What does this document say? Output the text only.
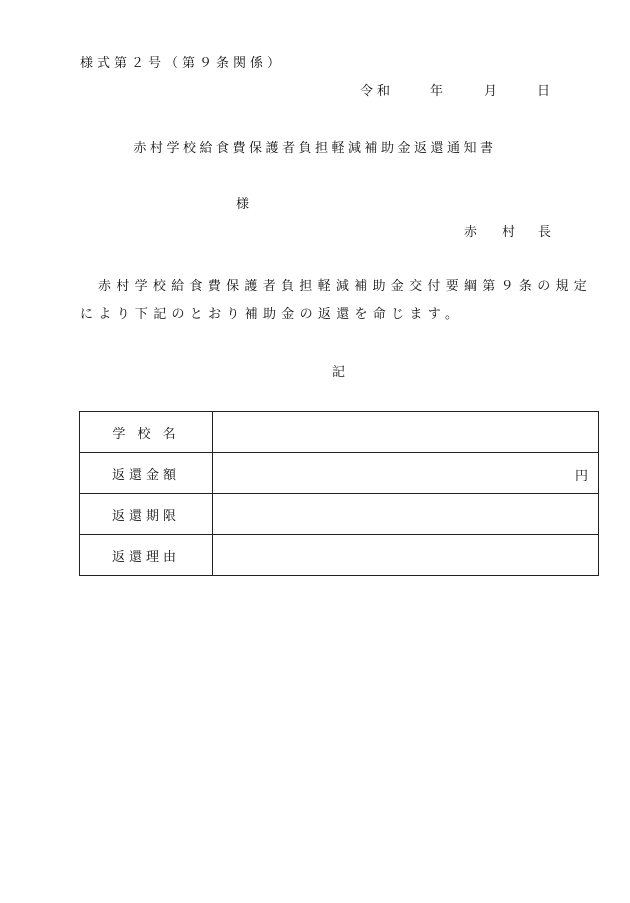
様式第２号（第９条関係）
令和	年	月	日
赤村学校給食費保護者負担軽減補助金返還通知書
様
赤 村 長
赤村学校給食費保護者負担軽減補助金交付要綱第９条の規定により下記のとおり補助金の返還を命じます。
記
学 校 名	
返還金額	円

返還期限	
返還理由	
